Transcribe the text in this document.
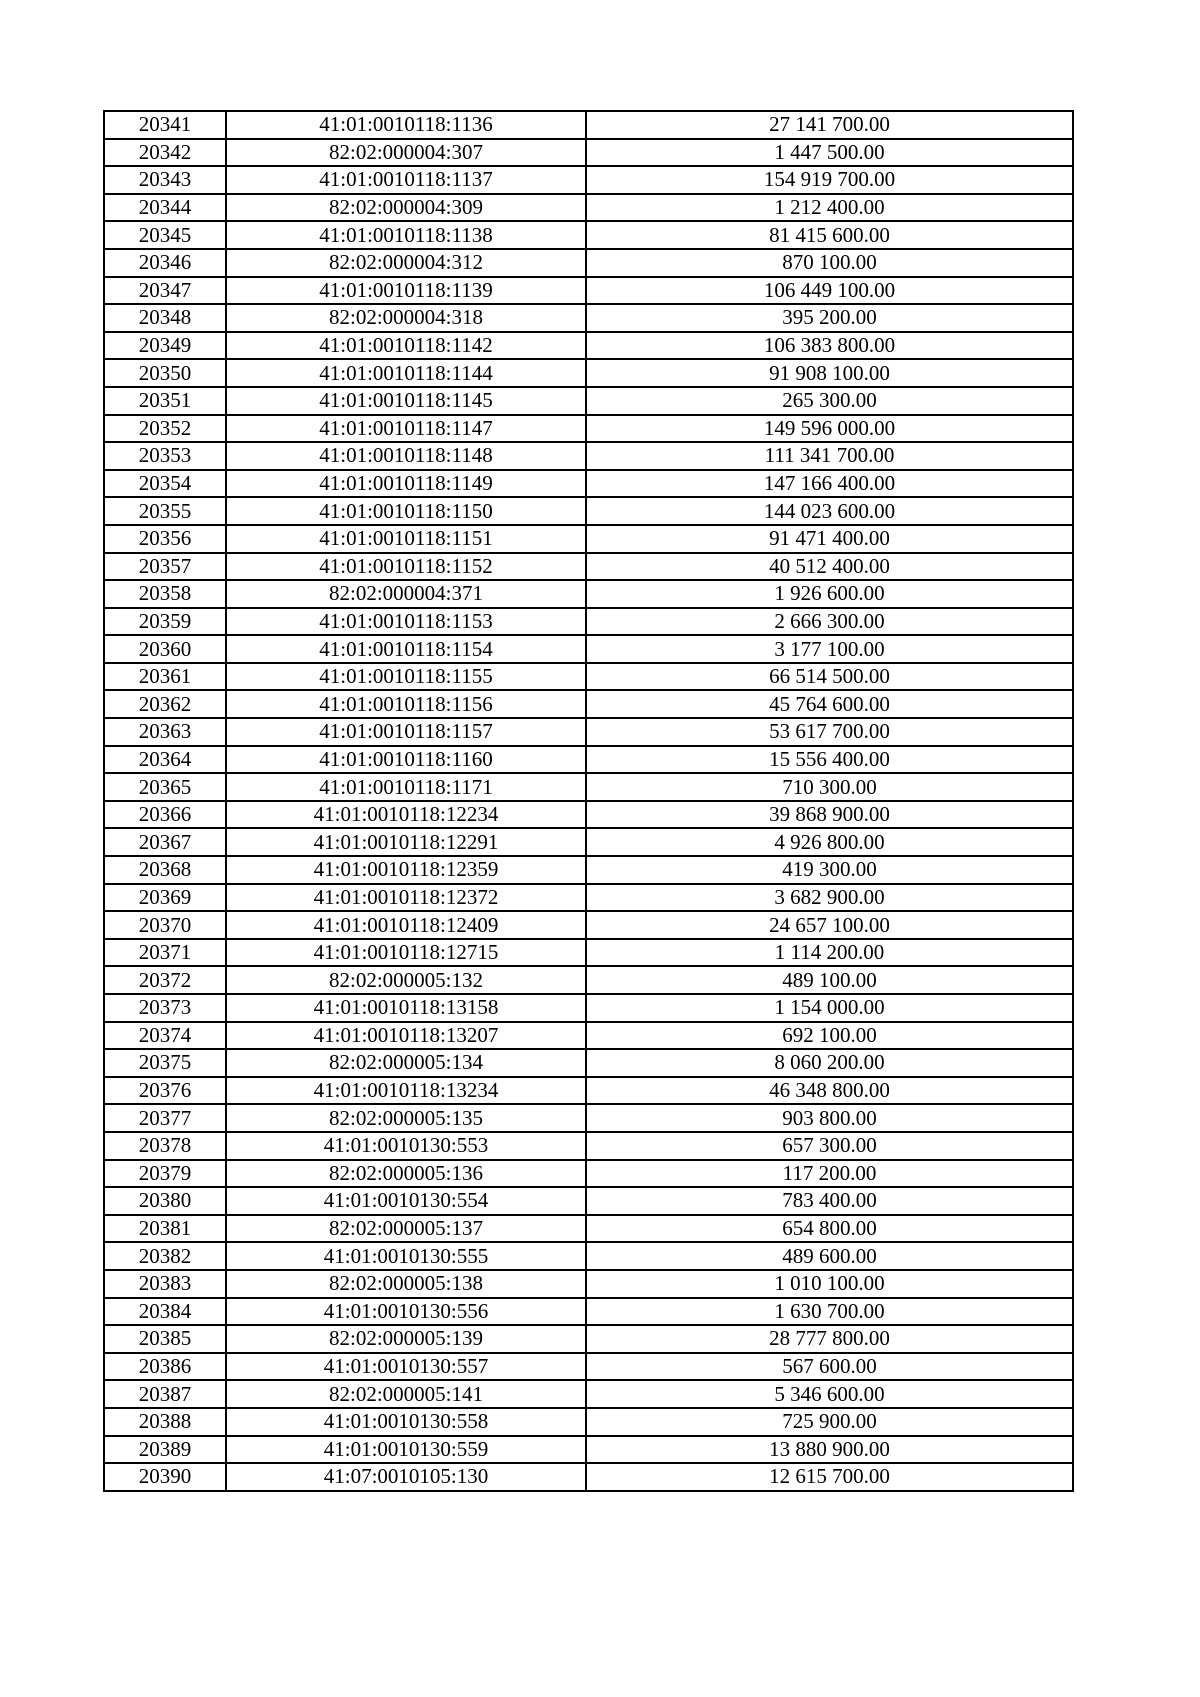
20341	41:01:0010118:1136	27 141 700.00
20342	82:02:000004:307	1 447 500.00
20343	41:01:0010118:1137	154 919 700.00
20344	82:02:000004:309	1 212 400.00
20345	41:01:0010118:1138	81 415 600.00
20346	82:02:000004:312	870 100.00
20347	41:01:0010118:1139	106 449 100.00
20348	82:02:000004:318	395 200.00
20349	41:01:0010118:1142	106 383 800.00
20350	41:01:0010118:1144	91 908 100.00
20351	41:01:0010118:1145	265 300.00
20352	41:01:0010118:1147	149 596 000.00
20353	41:01:0010118:1148	111 341 700.00
20354	41:01:0010118:1149	147 166 400.00
20355	41:01:0010118:1150	144 023 600.00
20356	41:01:0010118:1151	91 471 400.00
20357	41:01:0010118:1152	40 512 400.00
20358	82:02:000004:371	1 926 600.00
20359	41:01:0010118:1153	2 666 300.00
20360	41:01:0010118:1154	3 177 100.00
20361	41:01:0010118:1155	66 514 500.00
20362	41:01:0010118:1156	45 764 600.00
20363	41:01:0010118:1157	53 617 700.00
20364	41:01:0010118:1160	15 556 400.00
20365	41:01:0010118:1171	710 300.00
20366	41:01:0010118:12234	39 868 900.00
20367	41:01:0010118:12291	4 926 800.00
20368	41:01:0010118:12359	419 300.00
20369	41:01:0010118:12372	3 682 900.00
20370	41:01:0010118:12409	24 657 100.00
20371	41:01:0010118:12715	1 114 200.00
20372	82:02:000005:132	489 100.00
20373	41:01:0010118:13158	1 154 000.00
20374	41:01:0010118:13207	692 100.00
20375	82:02:000005:134	8 060 200.00
20376	41:01:0010118:13234	46 348 800.00
20377	82:02:000005:135	903 800.00
20378	41:01:0010130:553	657 300.00
20379	82:02:000005:136	117 200.00
20380	41:01:0010130:554	783 400.00
20381	82:02:000005:137	654 800.00
20382	41:01:0010130:555	489 600.00
20383	82:02:000005:138	1 010 100.00
20384	41:01:0010130:556	1 630 700.00
20385	82:02:000005:139	28 777 800.00
20386	41:01:0010130:557	567 600.00
20387	82:02:000005:141	5 346 600.00
20388	41:01:0010130:558	725 900.00
20389	41:01:0010130:559	13 880 900.00
20390	41:07:0010105:130	12 615 700.00
